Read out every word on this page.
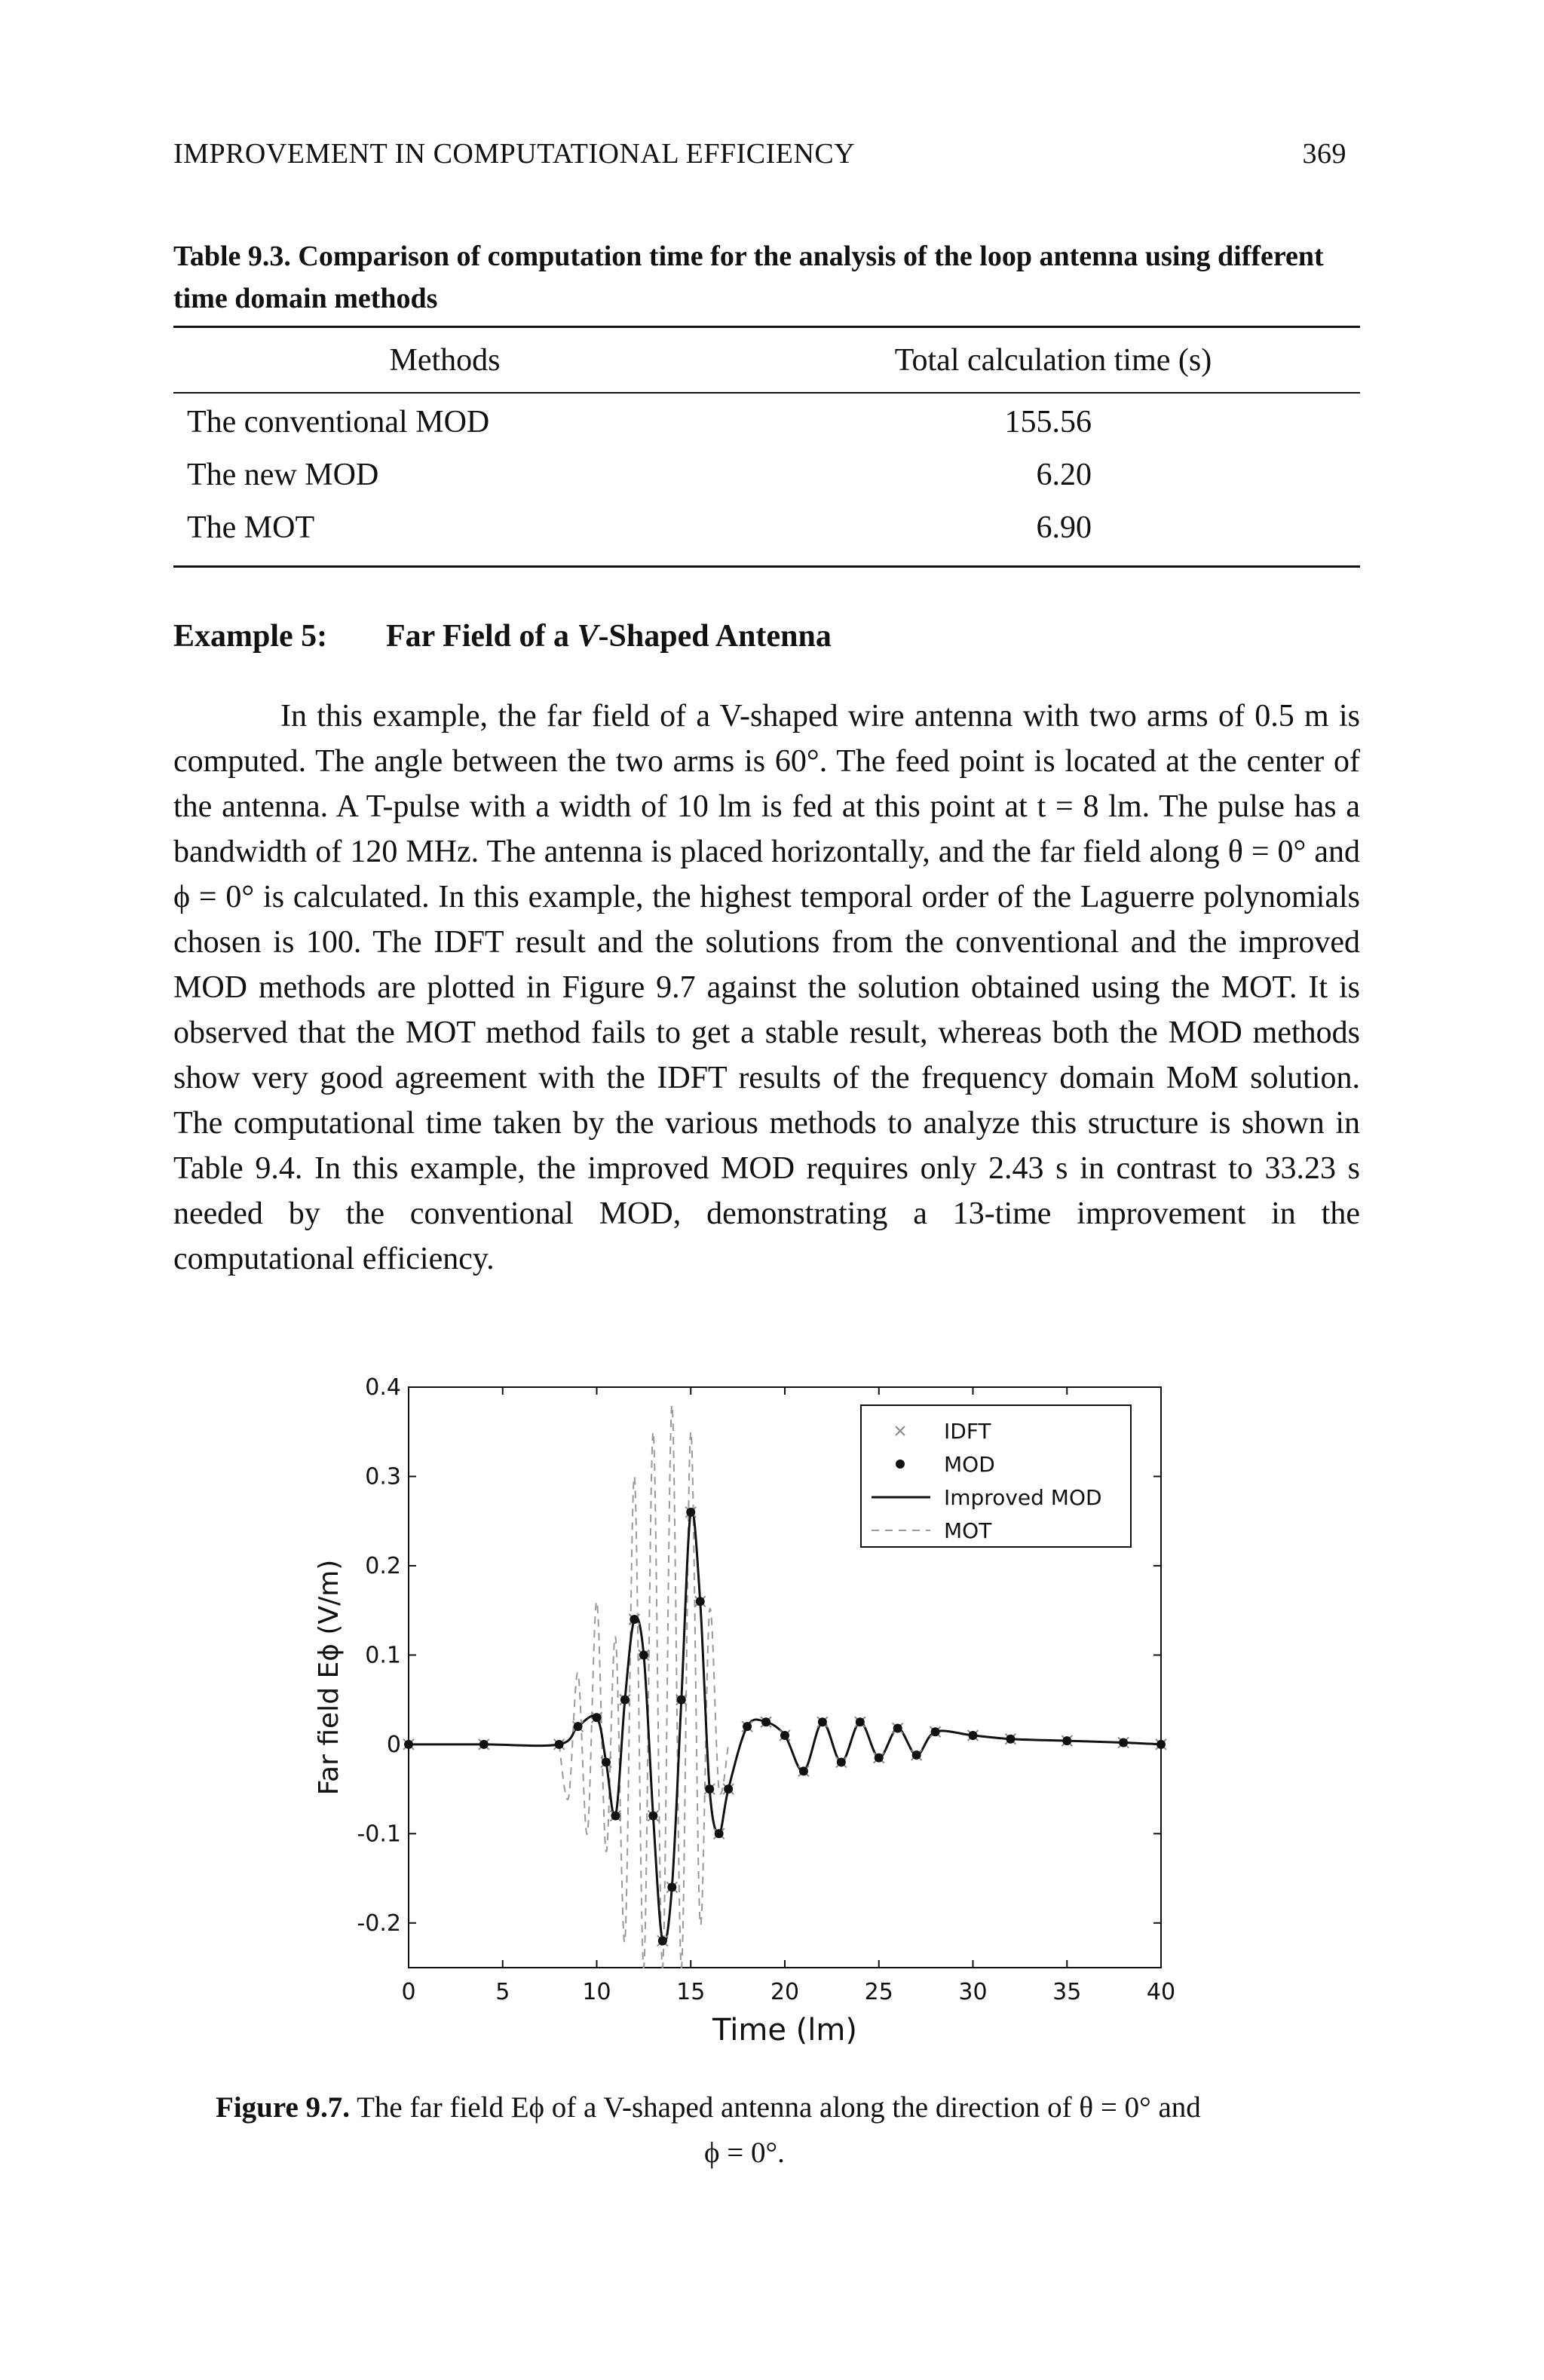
IMPROVEMENT IN COMPUTATIONAL EFFICIENCY	369
Table 9.3. Comparison of computation time for the analysis of the loop antenna using different time domain methods
Methods	Total calculation time (s)
The conventional MOD	155.56
The new MOD	6.20
The MOT	6.90
Example 5: Far Field of a V-Shaped Antenna
In this example, the far field of a V-shaped wire antenna with two arms of 0.5 m is computed. The angle between the two arms is 60°. The feed point is located at the center of the antenna. A T-pulse with a width of 10 lm is fed at this point at t = 8 lm. The pulse has a bandwidth of 120 MHz. The antenna is placed horizontally, and the far field along θ = 0° and ϕ = 0° is calculated. In this example, the highest temporal order of the Laguerre polynomials chosen is 100. The IDFT result and the solutions from the conventional and the improved MOD methods are plotted in Figure 9.7 against the solution obtained using the MOT. It is observed that the MOT method fails to get a stable result, whereas both the MOD methods show very good agreement with the IDFT results of the frequency domain MoM solution. The computational time taken by the various methods to analyze this structure is shown in Table 9.4. In this example, the improved MOD requires only 2.43 s in contrast to 33.23 s needed by the conventional MOD, demonstrating a 13-time improvement in the computational efficiency.
0	5	10	15	20	25	30	35	40
0.4
0.3
0.2
0.1
0
-0.1
-0.2
Time (lm)
Far field Eϕ (V/m)
IDFT
MOD
Improved MOD
MOT
Figure 9.7. The far field Eϕ of a V-shaped antenna along the direction of θ = 0° and
ϕ = 0°.
